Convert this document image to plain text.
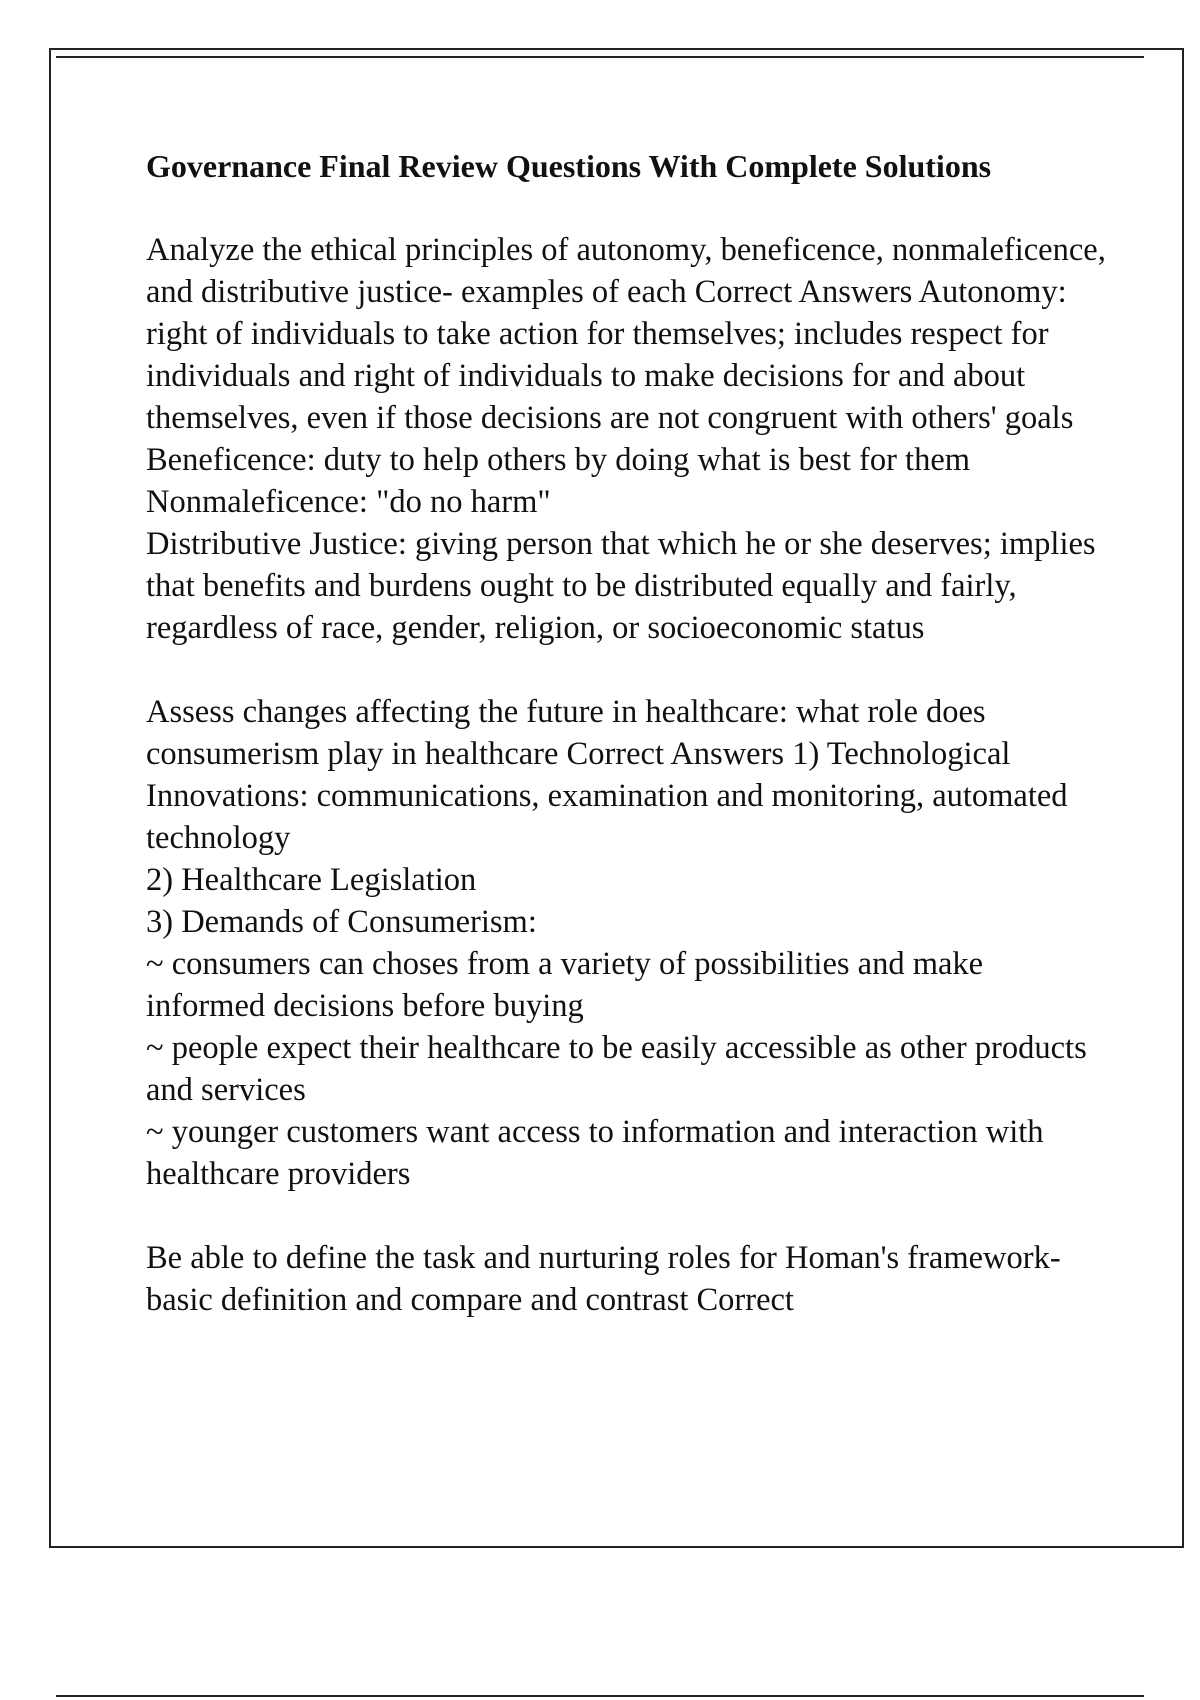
Governance Final Review Questions With Complete Solutions

Analyze the ethical principles of autonomy, beneficence, nonmaleficence, and distributive justice- examples of each Correct Answers Autonomy: right of individuals to take action for themselves; includes respect for individuals and right of individuals to make decisions for and about themselves, even if those decisions are not congruent with others' goals
Beneficence: duty to help others by doing what is best for them
Nonmaleficence: "do no harm"
Distributive Justice: giving person that which he or she deserves; implies that benefits and burdens ought to be distributed equally and fairly, regardless of race, gender, religion, or socioeconomic status

Assess changes affecting the future in healthcare: what role does consumerism play in healthcare Correct Answers 1) Technological Innovations: communications, examination and monitoring, automated technology
2) Healthcare Legislation
3) Demands of Consumerism:
~ consumers can choses from a variety of possibilities and make informed decisions before buying
~ people expect their healthcare to be easily accessible as other products and services
~ younger customers want access to information and interaction with healthcare providers

Be able to define the task and nurturing roles for Homan's framework-basic definition and compare and contrast Correct
